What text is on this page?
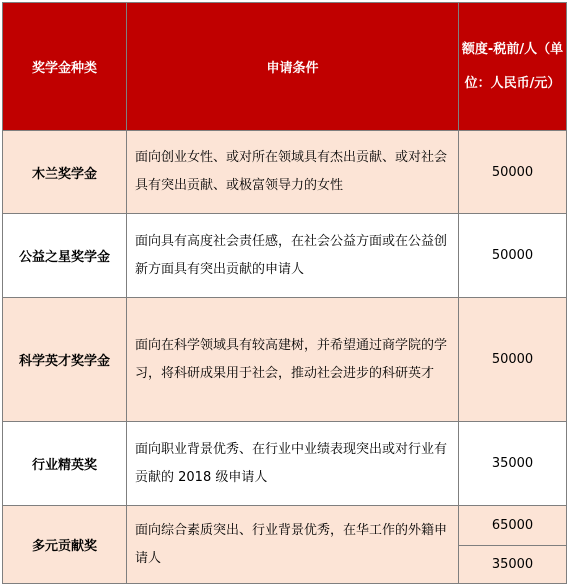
奖学金种类	申请条件	额度-税前/人（单位：人民币/元）
木兰奖学金	面向创业女性、或对所在领域具有杰出贡献、或对社会具有突出贡献、或极富领导力的女性	50000
公益之星奖学金	面向具有高度社会责任感，在社会公益方面或在公益创新方面具有突出贡献的申请人	50000
科学英才奖学金	面向在科学领域具有较高建树，并希望通过商学院的学习，将科研成果用于社会，推动社会进步的科研英才	50000
行业精英奖	面向职业背景优秀、在行业中业绩表现突出或对行业有贡献的 2018 级申请人	35000
多元贡献奖	面向综合素质突出、行业背景优秀，在华工作的外籍申请人	65000
		35000
